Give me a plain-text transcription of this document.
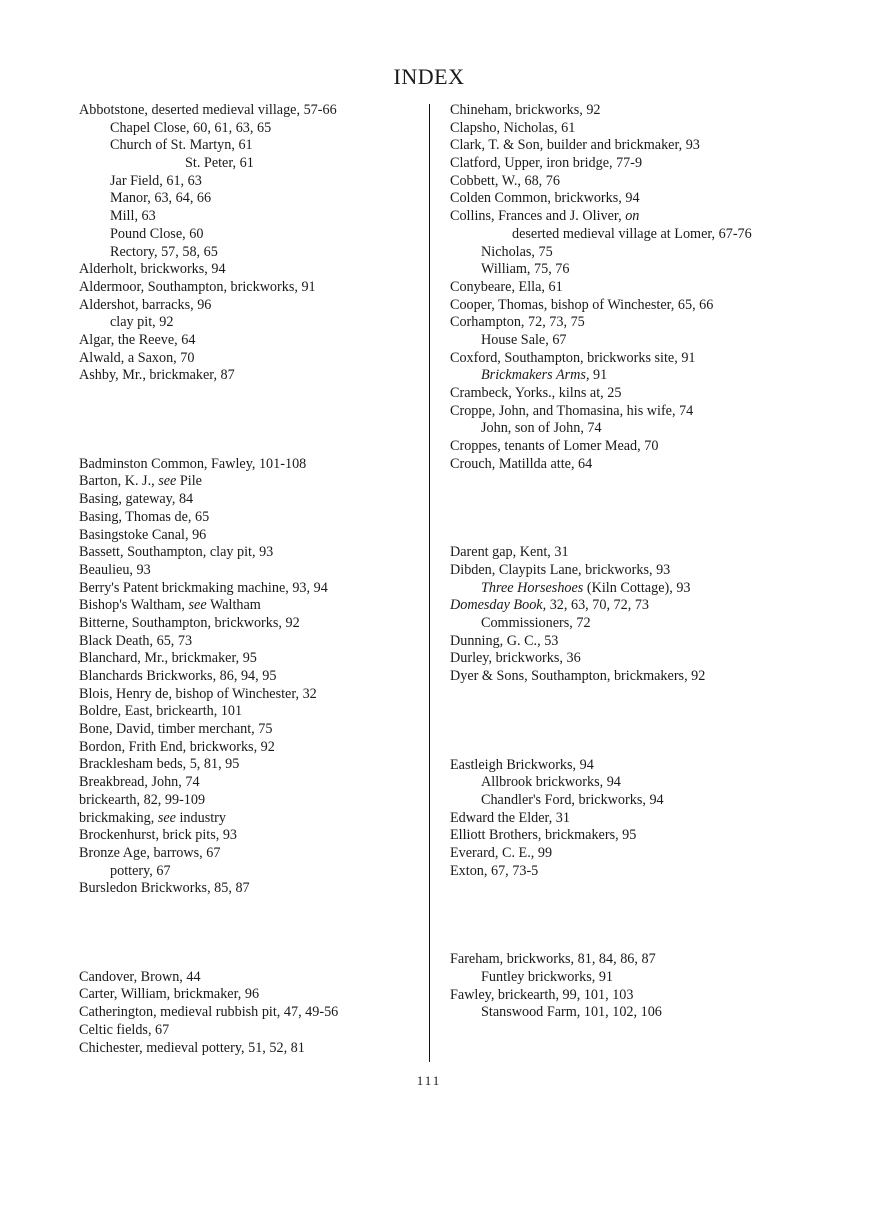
INDEX
Abbotstone, deserted medieval village, 57-66
Chapel Close, 60, 61, 63, 65
Church of St. Martyn, 61
St. Peter, 61
Jar Field, 61, 63
Manor, 63, 64, 66
Mill, 63
Pound Close, 60
Rectory, 57, 58, 65
Alderholt, brickworks, 94
Aldermoor, Southampton, brickworks, 91
Aldershot, barracks, 96
clay pit, 92
Algar, the Reeve, 64
Alwald, a Saxon, 70
Ashby, Mr., brickmaker, 87
Badminston Common, Fawley, 101-108
Barton, K. J., see Pile
Basing, gateway, 84
Basing, Thomas de, 65
Basingstoke Canal, 96
Bassett, Southampton, clay pit, 93
Beaulieu, 93
Berry's Patent brickmaking machine, 93, 94
Bishop's Waltham, see Waltham
Bitterne, Southampton, brickworks, 92
Black Death, 65, 73
Blanchard, Mr., brickmaker, 95
Blanchards Brickworks, 86, 94, 95
Blois, Henry de, bishop of Winchester, 32
Boldre, East, brickearth, 101
Bone, David, timber merchant, 75
Bordon, Frith End, brickworks, 92
Bracklesham beds, 5, 81, 95
Breakbread, John, 74
brickearth, 82, 99-109
brickmaking, see industry
Brockenhurst, brick pits, 93
Bronze Age, barrows, 67
pottery, 67
Bursledon Brickworks, 85, 87
Candover, Brown, 44
Carter, William, brickmaker, 96
Catherington, medieval rubbish pit, 47, 49-56
Celtic fields, 67
Chichester, medieval pottery, 51, 52, 81
Chineham, brickworks, 92
Clapsho, Nicholas, 61
Clark, T. & Son, builder and brickmaker, 93
Clatford, Upper, iron bridge, 77-9
Cobbett, W., 68, 76
Colden Common, brickworks, 94
Collins, Frances and J. Oliver, on
deserted medieval village at Lomer, 67-76
Nicholas, 75
William, 75, 76
Conybeare, Ella, 61
Cooper, Thomas, bishop of Winchester, 65, 66
Corhampton, 72, 73, 75
House Sale, 67
Coxford, Southampton, brickworks site, 91
Brickmakers Arms, 91
Crambeck, Yorks., kilns at, 25
Croppe, John, and Thomasina, his wife, 74
John, son of John, 74
Croppes, tenants of Lomer Mead, 70
Crouch, Matillda atte, 64
Darent gap, Kent, 31
Dibden, Claypits Lane, brickworks, 93
Three Horseshoes (Kiln Cottage), 93
Domesday Book, 32, 63, 70, 72, 73
Commissioners, 72
Dunning, G. C., 53
Durley, brickworks, 36
Dyer & Sons, Southampton, brickmakers, 92
Eastleigh Brickworks, 94
Allbrook brickworks, 94
Chandler's Ford, brickworks, 94
Edward the Elder, 31
Elliott Brothers, brickmakers, 95
Everard, C. E., 99
Exton, 67, 73-5
Fareham, brickworks, 81, 84, 86, 87
Funtley brickworks, 91
Fawley, brickearth, 99, 101, 103
Stanswood Farm, 101, 102, 106
111
